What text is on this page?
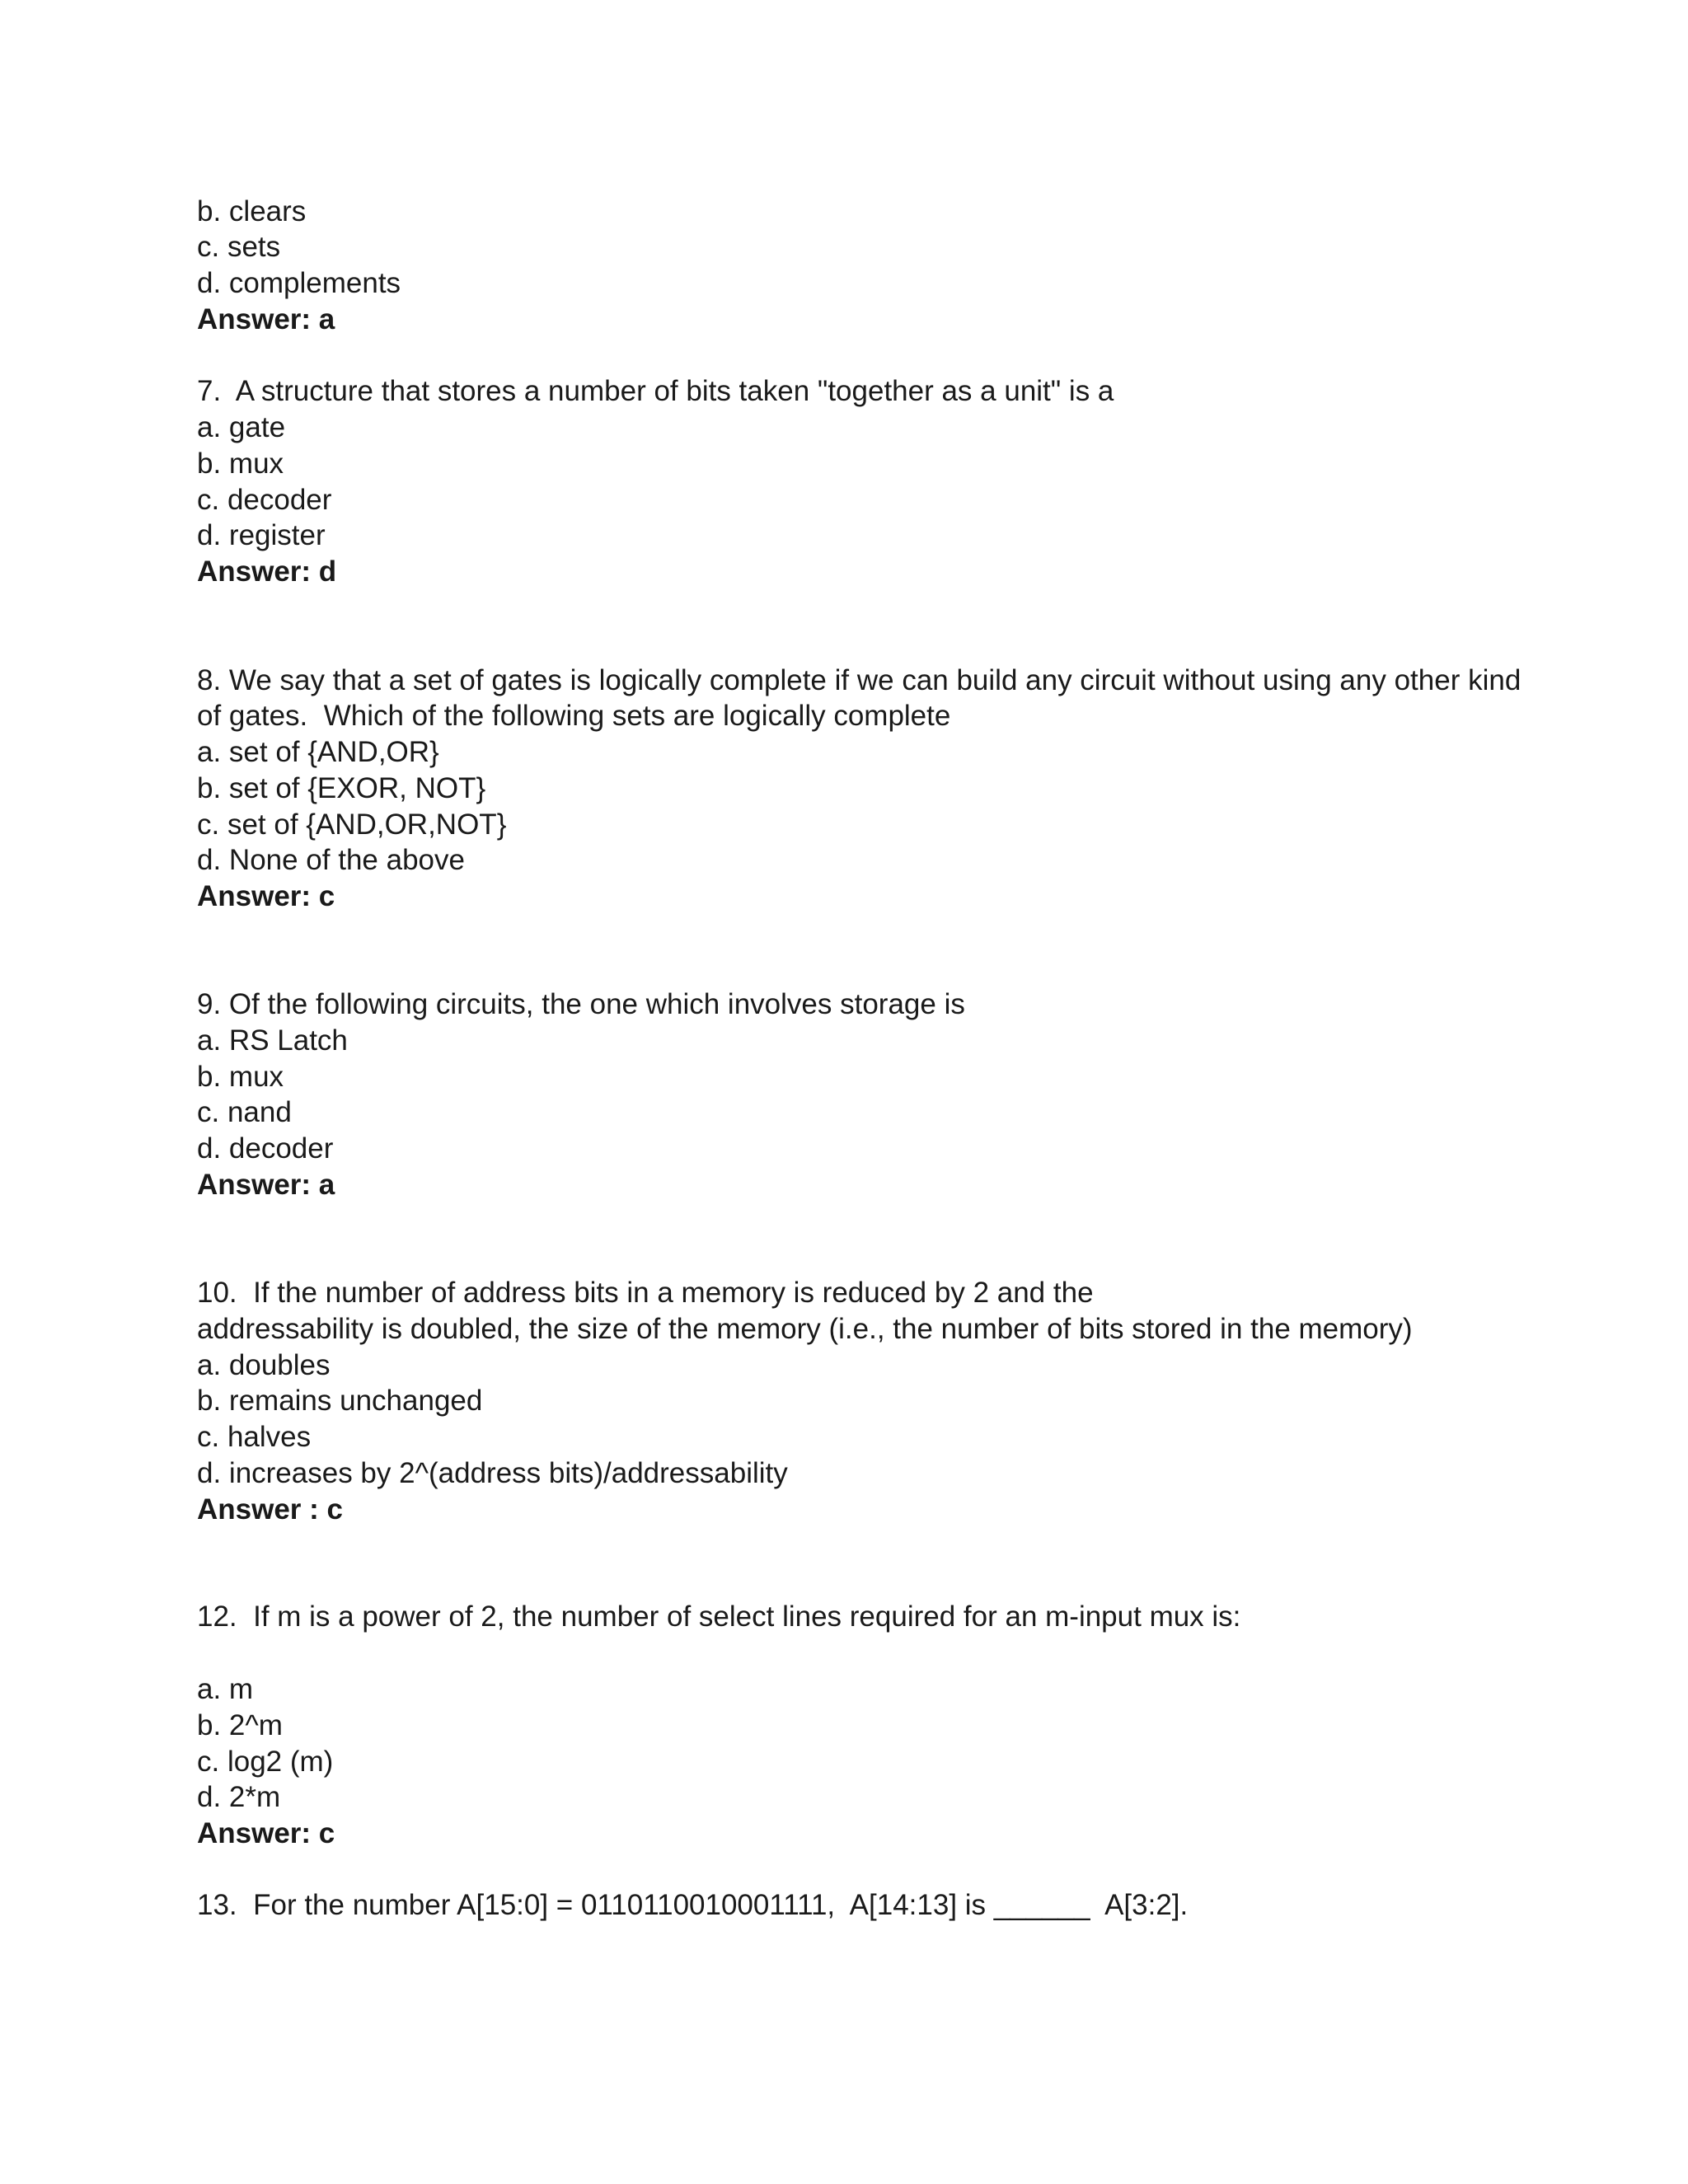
b. clears

c. sets

d. complements

Answer: a

7.  A structure that stores a number of bits taken "together as a unit" is a

a. gate

b. mux

c. decoder

d. register

Answer: d

8. We say that a set of gates is logically complete if we can build any circuit without using any other kind

of gates.  Which of the following sets are logically complete

a. set of {AND,OR}

b. set of {EXOR, NOT}

c. set of {AND,OR,NOT}

d. None of the above

Answer: c

9. Of the following circuits, the one which involves storage is

a. RS Latch

b. mux

c. nand

d. decoder

Answer: a

10.  If the number of address bits in a memory is reduced by 2 and the

addressability is doubled, the size of the memory (i.e., the number of bits stored in the memory)

a. doubles

b. remains unchanged

c. halves

d. increases by 2^(address bits)/addressability

Answer : c

12.  If m is a power of 2, the number of select lines required for an m-input mux is:

a. m

b. 2^m

c. log2 (m)

d. 2*m

Answer: c

13.  For the number A[15:0] = 0110110010001111,  A[14:13] is ______  A[3:2].
